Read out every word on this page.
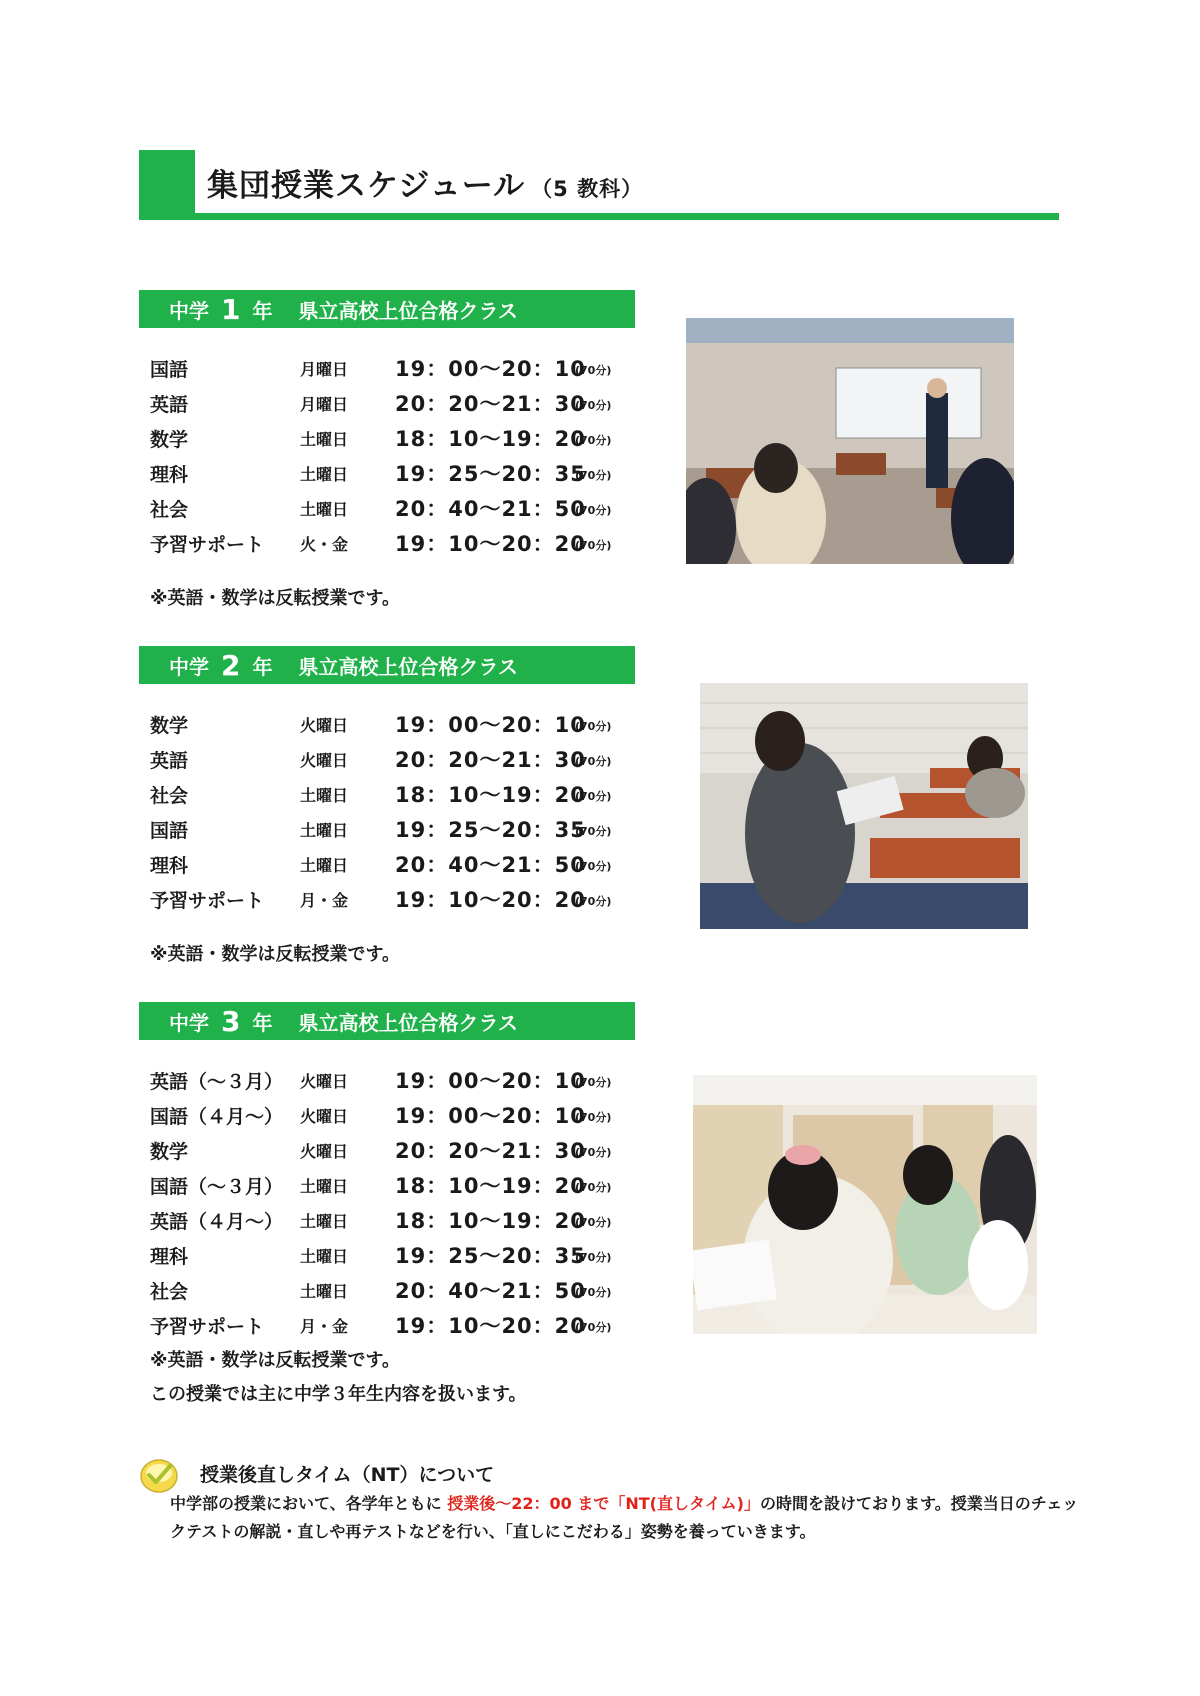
集団授業スケジュール （5 教科）
中学 1 年 県立高校上位合格クラス
国語	月曜日 19：00～20：10
(70分)
英語	月曜日 20：20～21：30
(70分)
数学	土曜日 18：10～19：20
(70分)
理科	土曜日 19：25～20：35
(70分)
社会	土曜日 20：40～21：50
(70分)
予習サポート 火・金 19：10～20：20
(70分)
※英語・数学は反転授業です。
中学 2 年 県立高校上位合格クラス
数学	火曜日 19：00～20：10
(70分)
英語	火曜日 20：20～21：30
(70分)
社会	土曜日 18：10～19：20
(70分)
国語	土曜日 19：25～20：35
(70分)
理科	土曜日 20：40～21：50
(70分)
予習サポート 月・金 19：10～20：20
(70分)
※英語・数学は反転授業です。
中学 3 年 県立高校上位合格クラス
英語（～３月） 火曜日 19：00～20：10
(70分)
国語（４月～） 火曜日 19：00～20：10
(70分)
数学	火曜日 20：20～21：30
(70分)
国語（～３月） 土曜日 18：10～19：20
(70分)
英語（４月～） 土曜日 18：10～19：20
(70分)
理科	土曜日 19：25～20：35
(70分)
社会	土曜日 20：40～21：50
(70分)
予習サポート 月・金 19：10～20：20
(70分)
※英語・数学は反転授業です。
この授業では主に中学３年生内容を扱います。
授業後直しタイム（NT）について
中学部の授業において、各学年ともに 授業後～22：00 まで「NT(直しタイム)」の時間を設けております。授業当日のチェックテストの解説・直しや再テストなどを行い、「直しにこだわる」姿勢を養っていきます。
